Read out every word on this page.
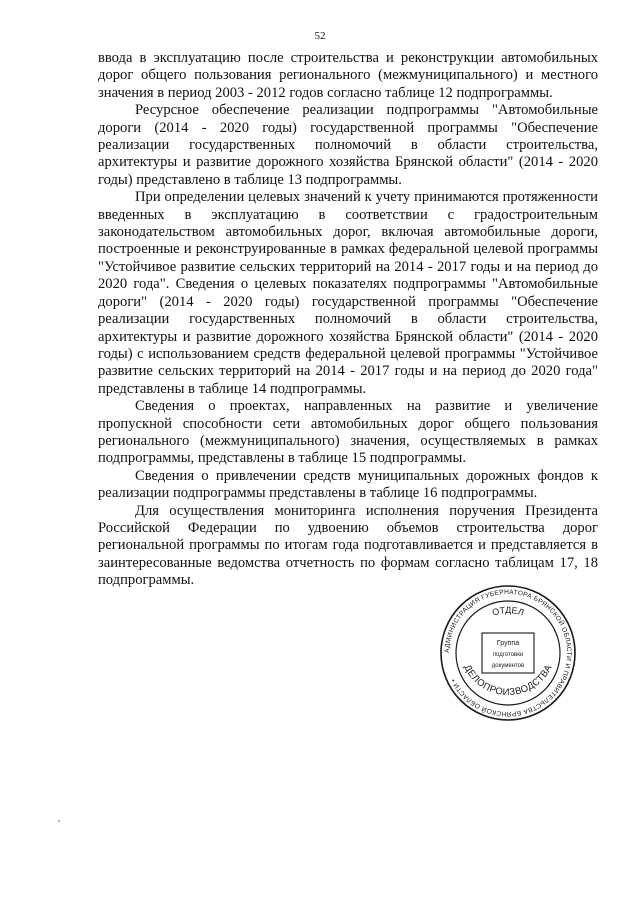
52

ввода в эксплуатацию после строительства и реконструкции автомобильных дорог общего пользования регионального (межмуниципального) и местного значения в период 2003 - 2012 годов согласно таблице 12 подпрограммы.

Ресурсное обеспечение реализации подпрограммы "Автомобильные дороги (2014 - 2020 годы) государственной программы "Обеспечение реализации государственных полномочий в области строительства, архитектуры и развитие дорожного хозяйства Брянской области" (2014 - 2020 годы) представлено в таблице 13 подпрограммы.

При определении целевых значений к учету принимаются протяженности введенных в эксплуатацию в соответствии с градостроительным законодательством автомобильных дорог, включая автомобильные дороги, построенные и реконструированные в рамках федеральной целевой программы "Устойчивое развитие сельских территорий на 2014 - 2017 годы и на период до 2020 года". Сведения о целевых показателях подпрограммы "Автомобильные дороги" (2014 - 2020 годы) государственной программы "Обеспечение реализации государственных полномочий в области строительства, архитектуры и развитие дорожного хозяйства Брянской области" (2014 - 2020 годы) с использованием средств федеральной целевой программы "Устойчивое развитие сельских территорий на 2014 - 2017 годы и на период до 2020 года" представлены в таблице 14 подпрограммы.

Сведения о проектах, направленных на развитие и увеличение пропускной способности сети автомобильных дорог общего пользования регионального (межмуниципального) значения, осуществляемых в рамках подпрограммы, представлены в таблице 15 подпрограммы.

Сведения о привлечении средств муниципальных дорожных фондов к реализации подпрограммы представлены в таблице 16 подпрограммы.

Для осуществления мониторинга исполнения поручения Президента Российской Федерации по удвоению объемов строительства дорог региональной программы по итогам года подготавливается и представляется в заинтересованные ведомства отчетность по формам согласно таблицам 17, 18 подпрограммы.

АДМИНИСТРАЦИЯ ГУБЕРНАТОРА БРЯНСКОЙ ОБЛАСТИ И ПРАВИТЕЛЬСТВА БРЯНСКОЙ ОБЛАСТИ •
ОТДЕЛ
ДЕЛОПРОИЗВОДСТВА
Группа
подготовки
документов
